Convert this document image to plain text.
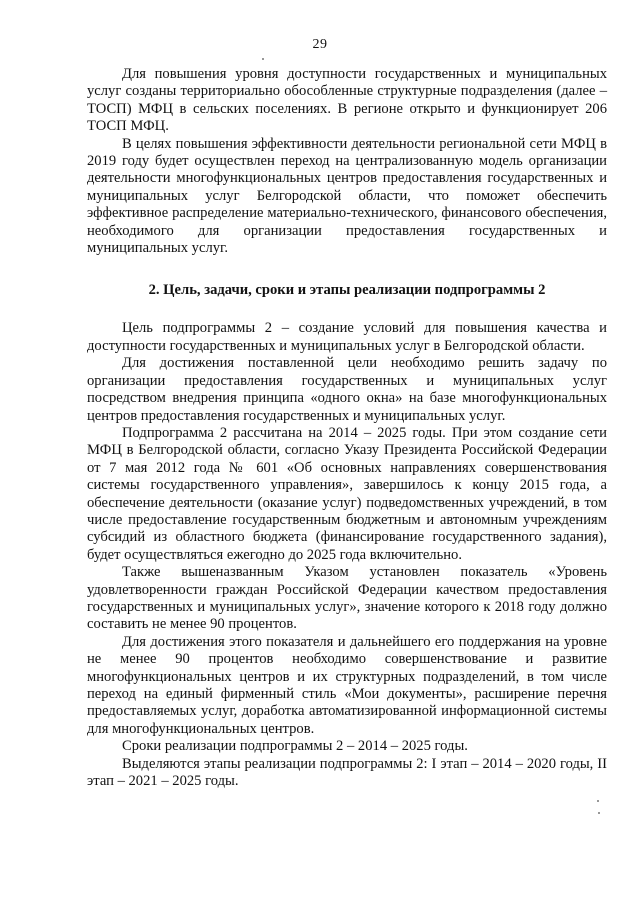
29

Для повышения уровня доступности государственных и муниципальных услуг созданы территориально обособленные структурные подразделения (далее – ТОСП) МФЦ в сельских поселениях. В регионе открыто и функционирует 206 ТОСП МФЦ.

В целях повышения эффективности деятельности региональной сети МФЦ в 2019 году будет осуществлен переход на централизованную модель организации деятельности многофункциональных центров предоставления государственных и муниципальных услуг Белгородской области, что поможет обеспечить эффективное распределение материально-технического, финансового обеспечения, необходимого для организации предоставления государственных и муниципальных услуг.

2. Цель, задачи, сроки и этапы реализации подпрограммы 2

Цель подпрограммы 2 – создание условий для повышения качества и доступности государственных и муниципальных услуг в Белгородской области.

Для достижения поставленной цели необходимо решить задачу по организации предоставления государственных и муниципальных услуг посредством внедрения принципа «одного окна» на базе многофункциональных центров предоставления государственных и муниципальных услуг.

Подпрограмма 2 рассчитана на 2014 – 2025 годы. При этом создание сети МФЦ в Белгородской области, согласно Указу Президента Российской Федерации от 7 мая 2012 года № 601 «Об основных направлениях совершенствования системы государственного управления», завершилось к концу 2015 года, а обеспечение деятельности (оказание услуг) подведомственных учреждений, в том числе предоставление государственным бюджетным и автономным учреждениям субсидий из областного бюджета (финансирование государственного задания), будет осуществляться ежегодно до 2025 года включительно.

Также вышеназванным Указом установлен показатель «Уровень удовлетворенности граждан Российской Федерации качеством предоставления государственных и муниципальных услуг», значение которого к 2018 году должно составить не менее 90 процентов.

Для достижения этого показателя и дальнейшего его поддержания на уровне не менее 90 процентов необходимо совершенствование и развитие многофункциональных центров и их структурных подразделений, в том числе переход на единый фирменный стиль «Мои документы», расширение перечня предоставляемых услуг, доработка автоматизированной информационной системы для многофункциональных центров.

Сроки реализации подпрограммы 2 – 2014 – 2025 годы.

Выделяются этапы реализации подпрограммы 2: I этап – 2014 – 2020 годы, II этап – 2021 – 2025 годы.
